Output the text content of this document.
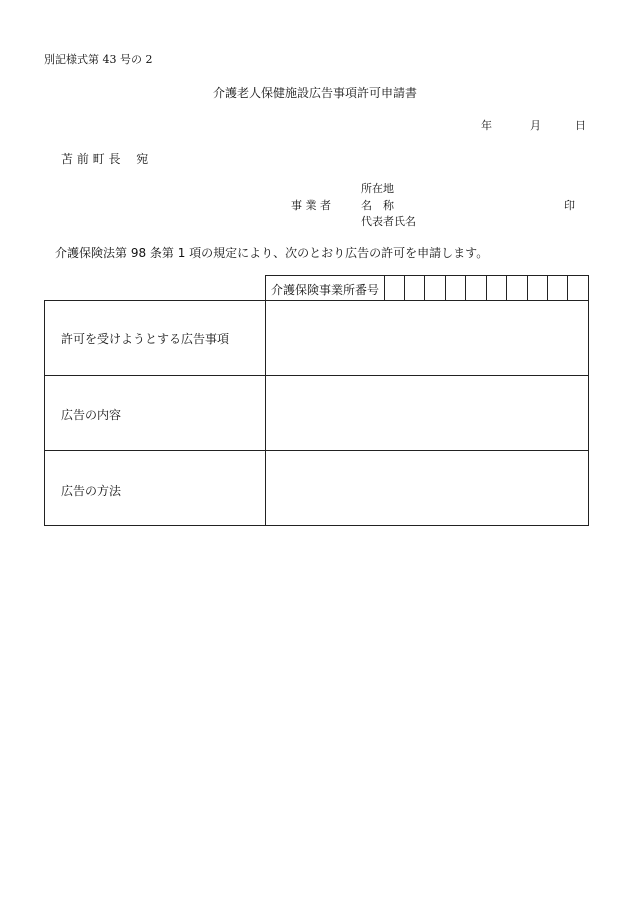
別記様式第 43 号の 2
介護老人保健施設広告事項許可申請書
年	月	日
苫 前 町 長　 宛
事 業 者
所在地
名　称
代表者氏名
印
介護保険法第 98 条第 1 項の規定により、次のとおり広告の許可を申請します。
介護保険事業所番号
許可を受けようとする広告事項
広告の内容
広告の方法
